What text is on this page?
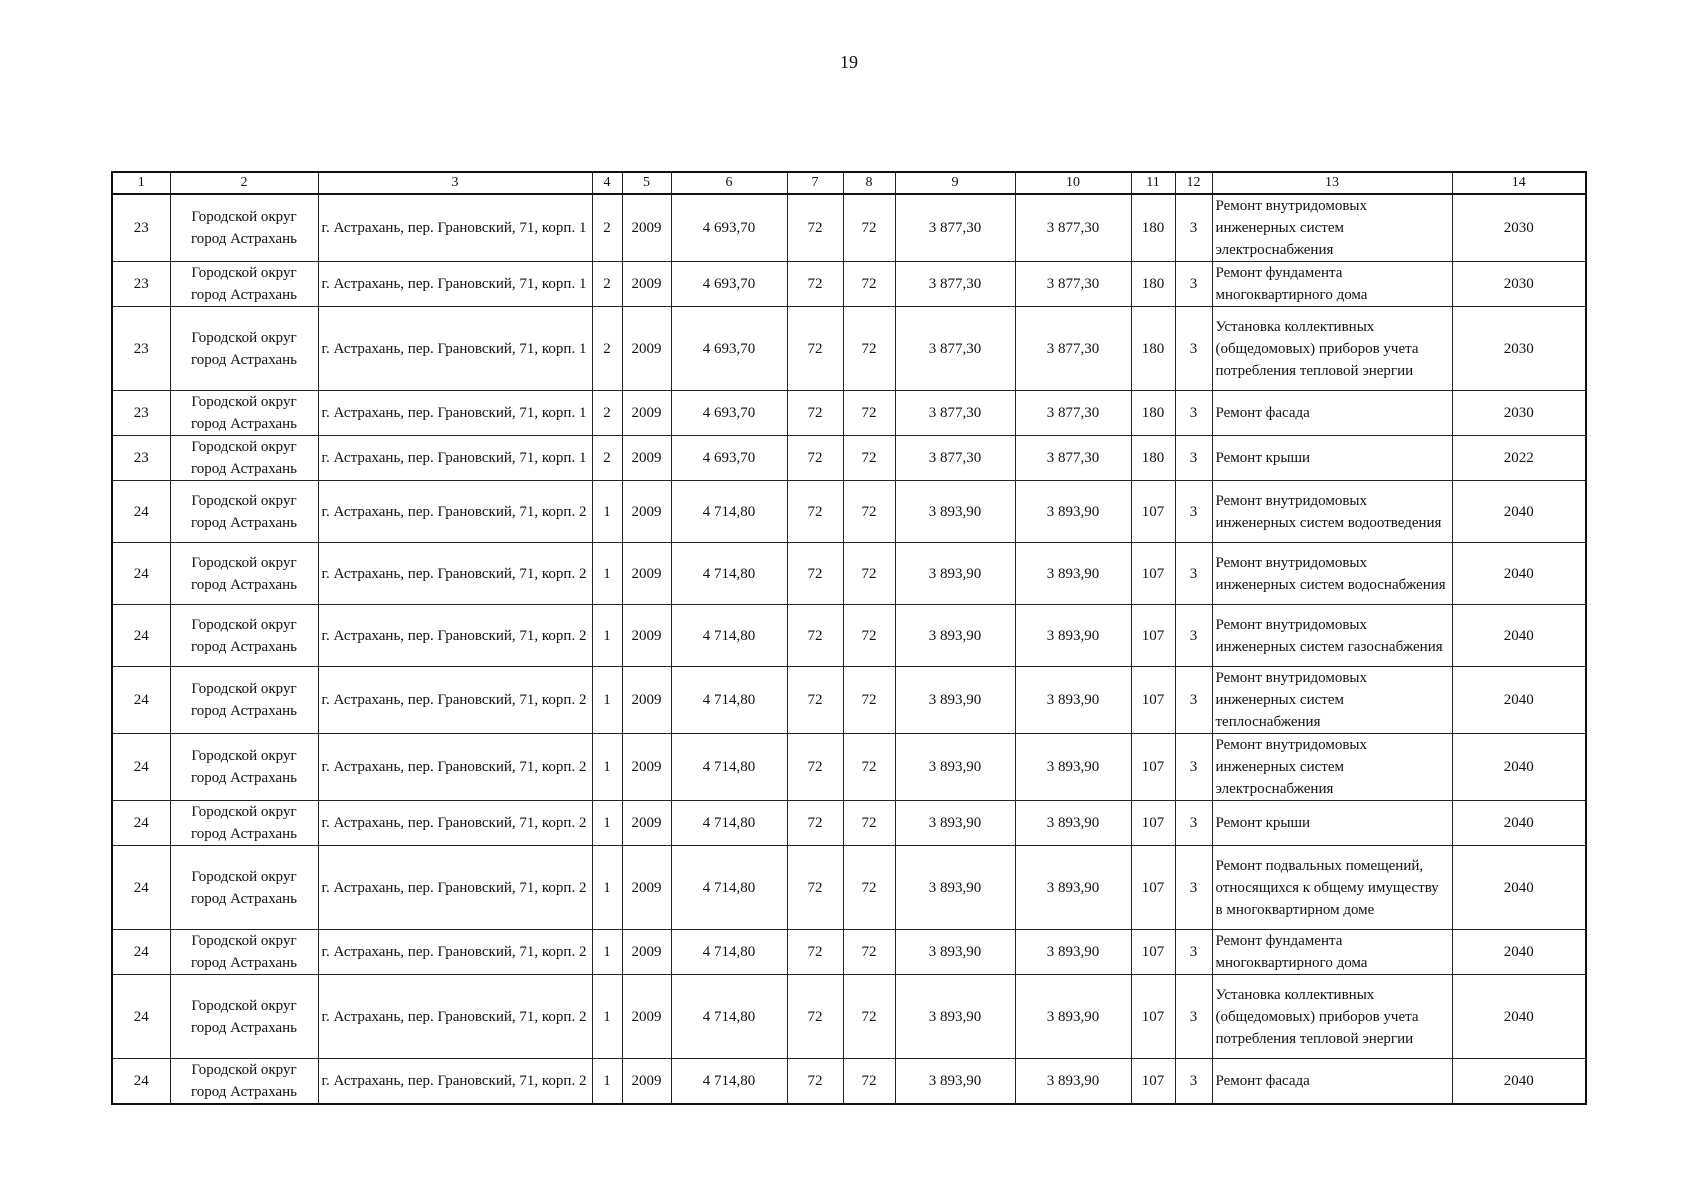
19
1	2	3	4	5	6	7	8	9	10	11	12	13	14
23	Городской округ город Астрахань	г. Астрахань, пер. Грановский, 71, корп. 1	2	2009	4 693,70	72	72	3 877,30	3 877,30	180	3	Ремонт внутридомовых инженерных систем электроснабжения	2030
23	Городской округ город Астрахань	г. Астрахань, пер. Грановский, 71, корп. 1	2	2009	4 693,70	72	72	3 877,30	3 877,30	180	3	Ремонт фундамента многоквартирного дома	2030
23	Городской округ город Астрахань	г. Астрахань, пер. Грановский, 71, корп. 1	2	2009	4 693,70	72	72	3 877,30	3 877,30	180	3	Установка коллективных (общедомовых) приборов учета потребления тепловой энергии	2030
23	Городской округ город Астрахань	г. Астрахань, пер. Грановский, 71, корп. 1	2	2009	4 693,70	72	72	3 877,30	3 877,30	180	3	Ремонт фасада	2030
23	Городской округ город Астрахань	г. Астрахань, пер. Грановский, 71, корп. 1	2	2009	4 693,70	72	72	3 877,30	3 877,30	180	3	Ремонт крыши	2022
24	Городской округ город Астрахань	г. Астрахань, пер. Грановский, 71, корп. 2	1	2009	4 714,80	72	72	3 893,90	3 893,90	107	3	Ремонт внутридомовых инженерных систем водоотведения	2040
24	Городской округ город Астрахань	г. Астрахань, пер. Грановский, 71, корп. 2	1	2009	4 714,80	72	72	3 893,90	3 893,90	107	3	Ремонт внутридомовых инженерных систем водоснабжения	2040
24	Городской округ город Астрахань	г. Астрахань, пер. Грановский, 71, корп. 2	1	2009	4 714,80	72	72	3 893,90	3 893,90	107	3	Ремонт внутридомовых инженерных систем газоснабжения	2040
24	Городской округ город Астрахань	г. Астрахань, пер. Грановский, 71, корп. 2	1	2009	4 714,80	72	72	3 893,90	3 893,90	107	3	Ремонт внутридомовых инженерных систем теплоснабжения	2040
24	Городской округ город Астрахань	г. Астрахань, пер. Грановский, 71, корп. 2	1	2009	4 714,80	72	72	3 893,90	3 893,90	107	3	Ремонт внутридомовых инженерных систем электроснабжения	2040
24	Городской округ город Астрахань	г. Астрахань, пер. Грановский, 71, корп. 2	1	2009	4 714,80	72	72	3 893,90	3 893,90	107	3	Ремонт крыши	2040
24	Городской округ город Астрахань	г. Астрахань, пер. Грановский, 71, корп. 2	1	2009	4 714,80	72	72	3 893,90	3 893,90	107	3	Ремонт подвальных помещений, относящихся к общему имуществу в многоквартирном доме	2040
24	Городской округ город Астрахань	г. Астрахань, пер. Грановский, 71, корп. 2	1	2009	4 714,80	72	72	3 893,90	3 893,90	107	3	Ремонт фундамента многоквартирного дома	2040
24	Городской округ город Астрахань	г. Астрахань, пер. Грановский, 71, корп. 2	1	2009	4 714,80	72	72	3 893,90	3 893,90	107	3	Установка коллективных (общедомовых) приборов учета потребления тепловой энергии	2040
24	Городской округ город Астрахань	г. Астрахань, пер. Грановский, 71, корп. 2	1	2009	4 714,80	72	72	3 893,90	3 893,90	107	3	Ремонт фасада	2040
